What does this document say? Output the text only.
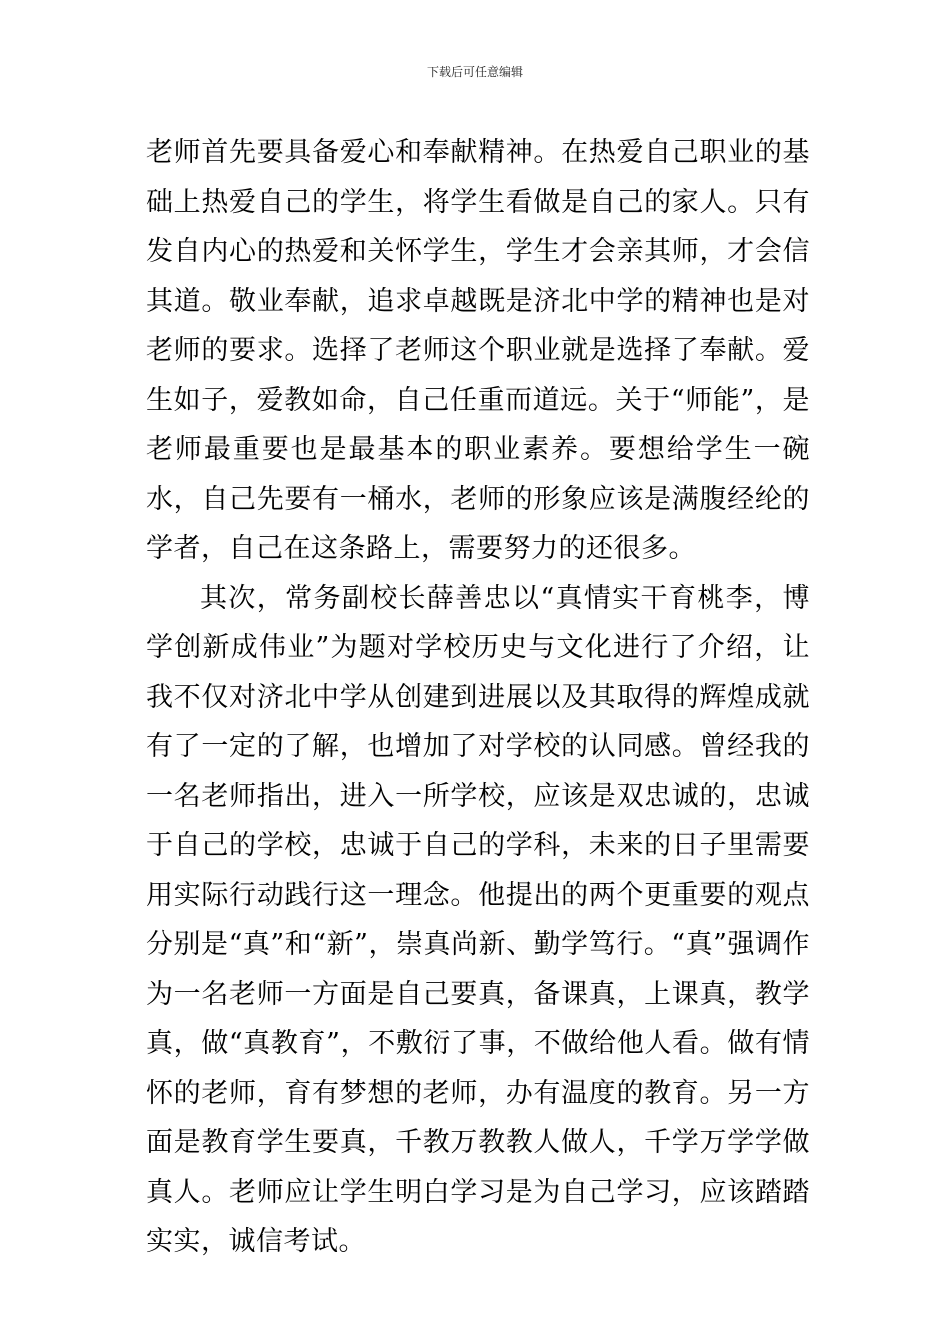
下载后可任意编辑

老师首先要具备爱心和奉献精神。在热爱自己职业的基础上热爱自己的学生，将学生看做是自己的家人。只有发自内心的热爱和关怀学生，学生才会亲其师，才会信其道。敬业奉献，追求卓越既是济北中学的精神也是对老师的要求。选择了老师这个职业就是选择了奉献。爱生如子，爱教如命，自己任重而道远。关于“师能”，是老师最重要也是最基本的职业素养。要想给学生一碗水，自己先要有一桶水，老师的形象应该是满腹经纶的学者，自己在这条路上，需要努力的还很多。

其次，常务副校长薛善忠以“真情实干育桃李，博学创新成伟业”为题对学校历史与文化进行了介绍，让我不仅对济北中学从创建到进展以及其取得的辉煌成就有了一定的了解，也增加了对学校的认同感。曾经我的一名老师指出，进入一所学校，应该是双忠诚的，忠诚于自己的学校，忠诚于自己的学科，未来的日子里需要用实际行动践行这一理念。他提出的两个更重要的观点分别是“真”和“新”，崇真尚新、勤学笃行。“真”强调作为一名老师一方面是自己要真，备课真，上课真，教学真，做“真教育”，不敷衍了事，不做给他人看。做有情怀的老师，育有梦想的老师，办有温度的教育。另一方面是教育学生要真，千教万教教人做人，千学万学学做真人。老师应让学生明白学习是为自己学习，应该踏踏实实，诚信考试。
